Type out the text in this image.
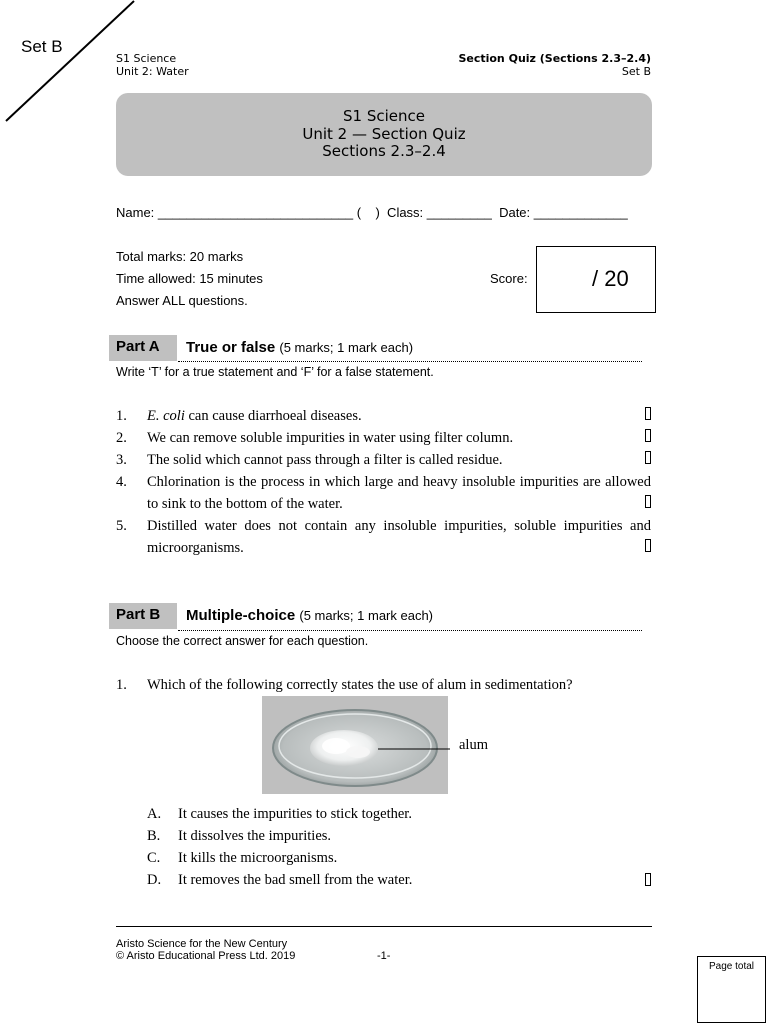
Set B
S1 Science
Unit 2: Water
Section Quiz (Sections 2.3–2.4)
Set B
S1 Science
Unit 2 — Section Quiz
Sections 2.3–2.4
Name: ___________________________ (    )  Class: _________  Date: _____________
Total marks: 20 marks
Time allowed: 15 minutes
Answer ALL questions.
Score:	/ 20
Part A	True or false (5 marks; 1 mark each)
Write ‘T’ for a true statement and ‘F’ for a false statement.
1. E. coli can cause diarrhoeal diseases.
2. We can remove soluble impurities in water using filter column.
3. The solid which cannot pass through a filter is called residue.
4. Chlorination is the process in which large and heavy insoluble impurities are allowed to sink to the bottom of the water.
5. Distilled water does not contain any insoluble impurities, soluble impurities and microorganisms.
Part B	Multiple-choice (5 marks; 1 mark each)
Choose the correct answer for each question.
1. Which of the following correctly states the use of alum in sedimentation?
alum
A. It causes the impurities to stick together.
B. It dissolves the impurities.
C. It kills the microorganisms.
D. It removes the bad smell from the water.
Aristo Science for the New Century
© Aristo Educational Press Ltd. 2019	-1-
Page total
